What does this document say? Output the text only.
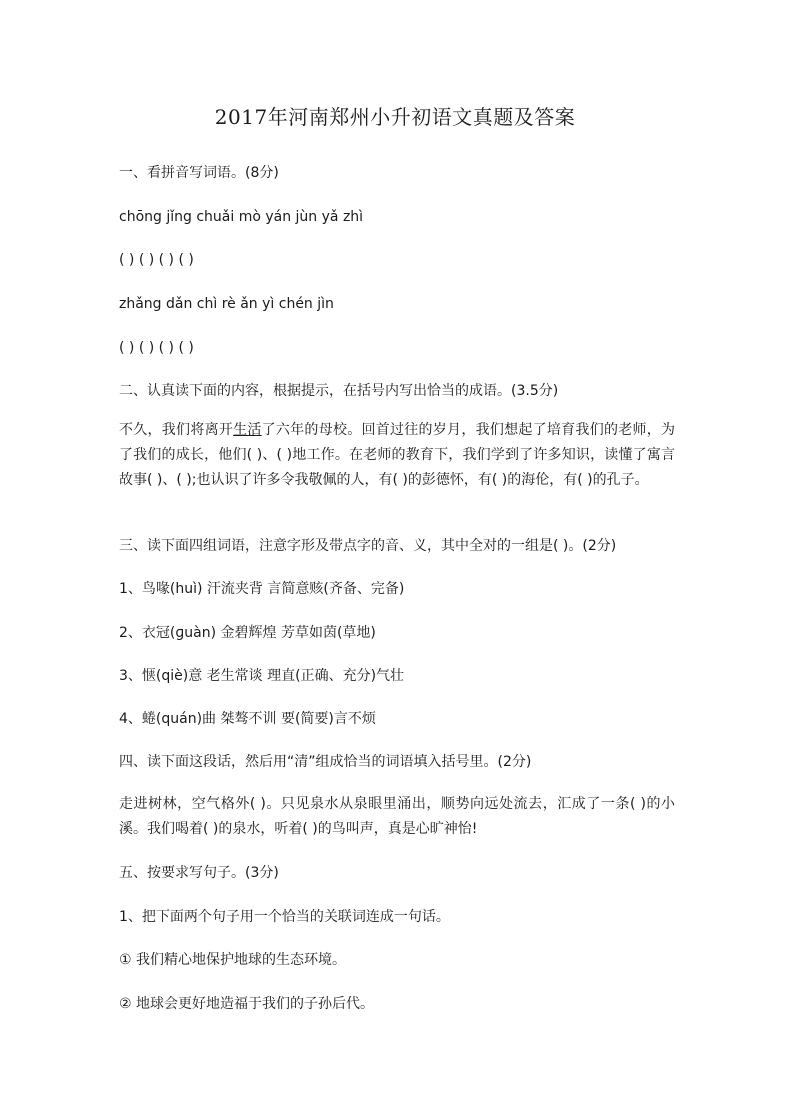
2017年河南郑州小升初语文真题及答案
一、看拼音写词语。(8分)
chōng jǐng chuǎi mò yán jùn yǎ zhì
( ) ( ) ( ) ( )
zhǎng dǎn chì rè ǎn yì chén jìn
( ) ( ) ( ) ( )
二、认真读下面的内容，根据提示，在括号内写出恰当的成语。(3.5分)
不久，我们将离开生活了六年的母校。回首过往的岁月，我们想起了培育我们的老师，为了我们的成长，他们( )、( )地工作。在老师的教育下，我们学到了许多知识，读懂了寓言故事( )、( );也认识了许多令我敬佩的人，有( )的彭德怀，有( )的海伦，有( )的孔子。
三、读下面四组词语，注意字形及带点字的音、义，其中全对的一组是( )。(2分)
1、鸟喙(huì) 汗流夹背 言简意赅(齐备、完备)
2、衣冠(ɡuàn) 金碧辉煌 芳草如茵(草地)
3、惬(qiè)意 老生常谈 理直(正确、充分)气壮
4、蜷(quán)曲 桀骜不训 要(简要)言不烦
四、读下面这段话，然后用“清”组成恰当的词语填入括号里。(2分)
走进树林，空气格外( )。只见泉水从泉眼里涌出，顺势向远处流去，汇成了一条( )的小溪。我们喝着( )的泉水，听着( )的鸟叫声，真是心旷神怡!
五、按要求写句子。(3分)
1、把下面两个句子用一个恰当的关联词连成一句话。
① 我们精心地保护地球的生态环境。
② 地球会更好地造福于我们的子孙后代。
